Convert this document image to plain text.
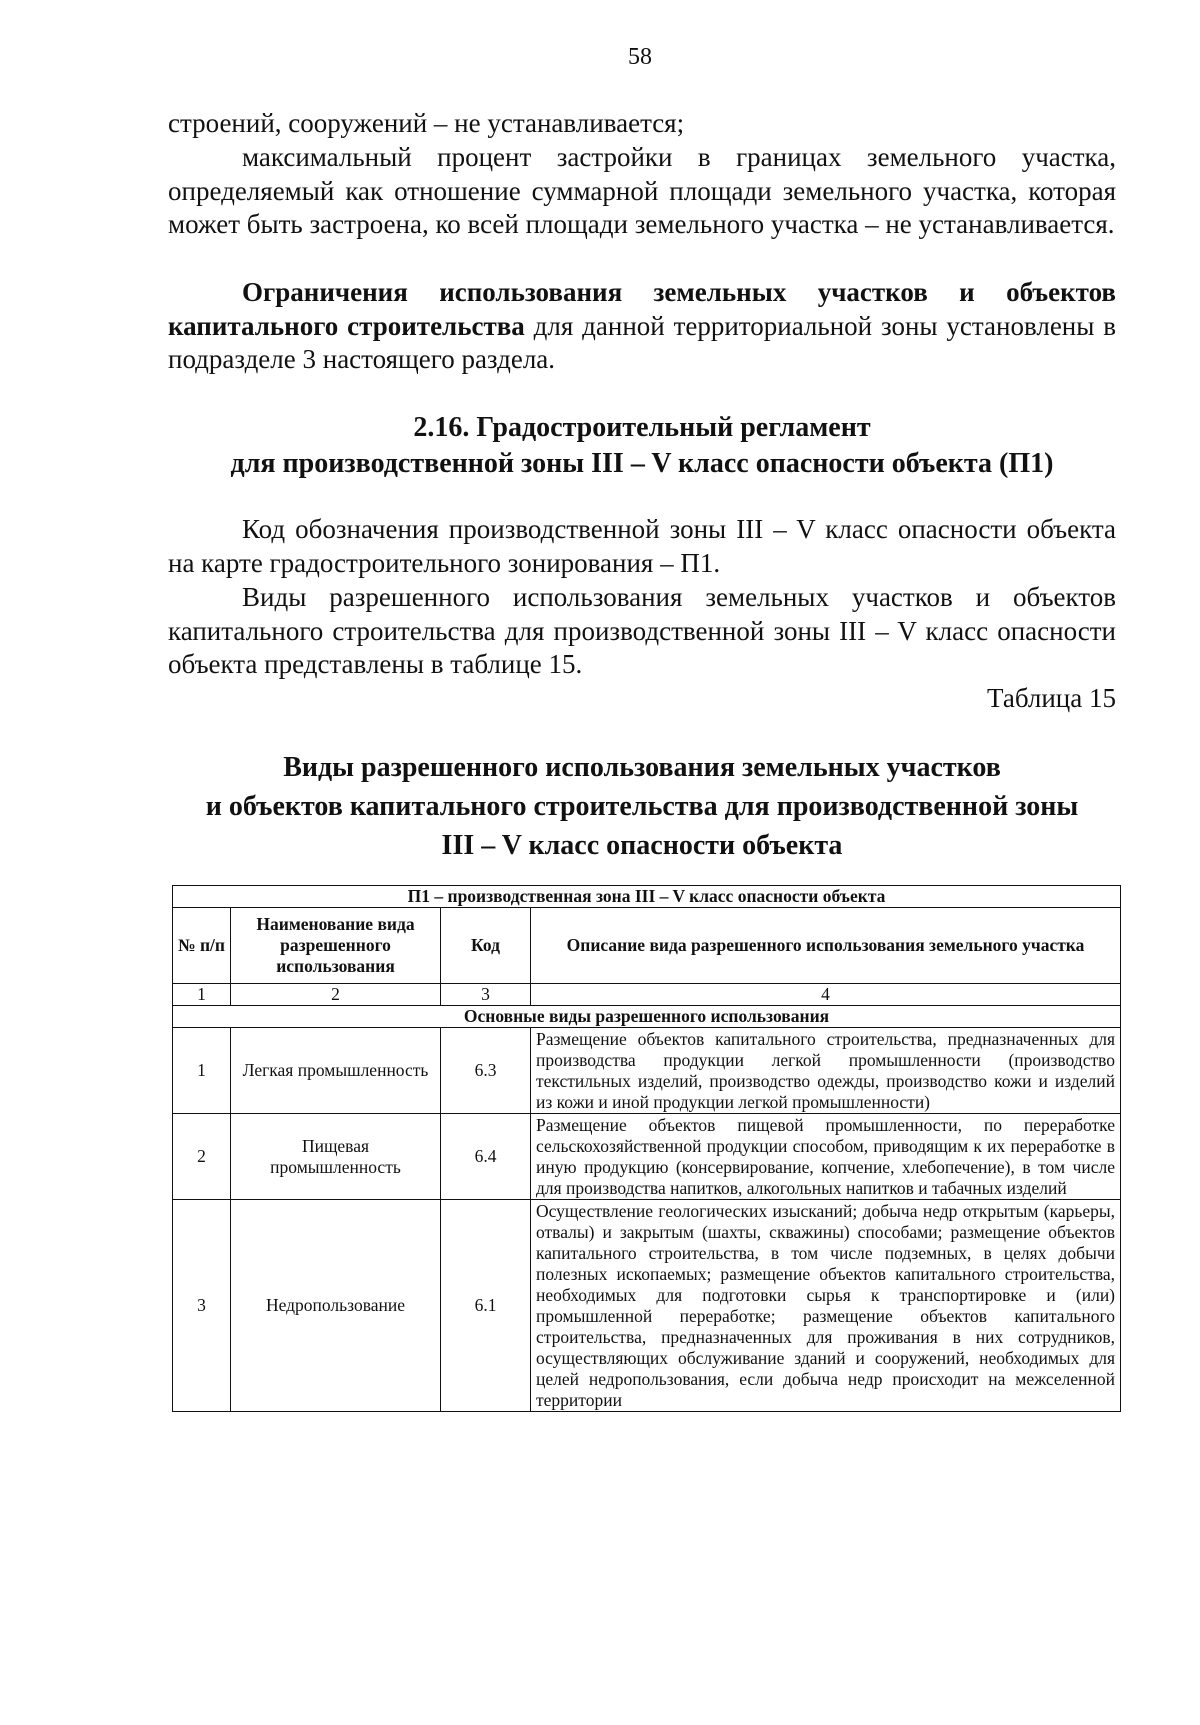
58

строений, сооружений – не устанавливается;

максимальный процент застройки в границах земельного участка, определяемый как отношение суммарной площади земельного участка, которая может быть застроена, ко всей площади земельного участка – не устанавливается.

Ограничения использования земельных участков и объектов капитального строительства для данной территориальной зоны установлены в подразделе 3 настоящего раздела.

2.16. Градостроительный регламент
для производственной зоны III – V класс опасности объекта (П1)

Код обозначения производственной зоны III – V класс опасности объекта на карте градостроительного зонирования – П1.

Виды разрешенного использования земельных участков и объектов капитального строительства для производственной зоны III – V класс опасности объекта представлены в таблице 15.

Таблица 15

Виды разрешенного использования земельных участков
и объектов капитального строительства для производственной зоны
III – V класс опасности объекта
П1 – производственная зона III – V класс опасности объекта			
№ п/п	Наименование вида разрешенного использования	Код	Описание вида разрешенного использования земельного участка
1	2	3	4
Основные виды разрешенного использования			
1	Легкая промышленность	6.3	Размещение объектов капитального строительства, предназначенных для производства продукции легкой промышленности (производство текстильных изделий, производство одежды, производство кожи и изделий из кожи и иной продукции легкой промышленности)
2	Пищевая промышленность	6.4	Размещение объектов пищевой промышленности, по переработке сельскохозяйственной продукции способом, приводящим к их переработке в иную продукцию (консервирование, копчение, хлебопечение), в том числе для производства напитков, алкогольных напитков и табачных изделий
3	Недропользование	6.1	Осуществление геологических изысканий; добыча недр открытым (карьеры, отвалы) и закрытым (шахты, скважины) способами; размещение объектов капитального строительства, в том числе подземных, в целях добычи полезных ископаемых; размещение объектов капитального строительства, необходимых для подготовки сырья к транспортировке и (или) промышленной переработке; размещение объектов капитального строительства, предназначенных для проживания в них сотрудников, осуществляющих обслуживание зданий и сооружений, необходимых для целей недропользования, если добыча недр происходит на межселенной территории
